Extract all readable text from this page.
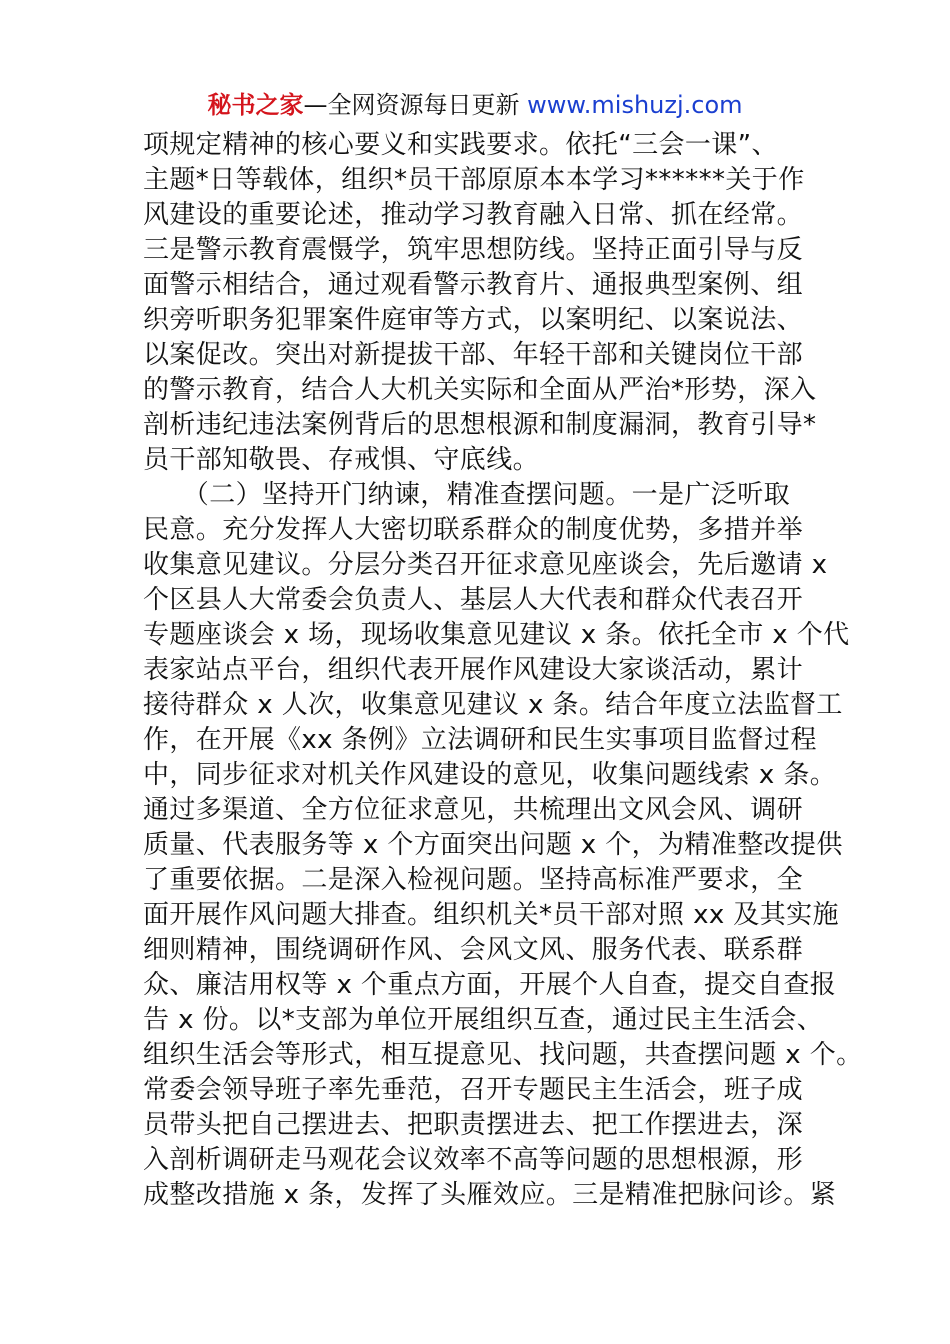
秘书之家—全网资源每日更新 www.mishuzj.com
项规定精神的核心要义和实践要求。依托“三会一课”、
主题*日等载体，组织*员干部原原本本学习******关于作
风建设的重要论述，推动学习教育融入日常、抓在经常。
三是警示教育震慑学，筑牢思想防线。坚持正面引导与反
面警示相结合，通过观看警示教育片、通报典型案例、组
织旁听职务犯罪案件庭审等方式，以案明纪、以案说法、
以案促改。突出对新提拔干部、年轻干部和关键岗位干部
的警示教育，结合人大机关实际和全面从严治*形势，深入
剖析违纪违法案例背后的思想根源和制度漏洞，教育引导*
员干部知敬畏、存戒惧、守底线。
　　（二）坚持开门纳谏，精准查摆问题。一是广泛听取
民意。充分发挥人大密切联系群众的制度优势，多措并举
收集意见建议。分层分类召开征求意见座谈会，先后邀请 x
个区县人大常委会负责人、基层人大代表和群众代表召开
专题座谈会 x 场，现场收集意见建议 x 条。依托全市 x 个代
表家站点平台，组织代表开展作风建设大家谈活动，累计
接待群众 x 人次，收集意见建议 x 条。结合年度立法监督工
作，在开展《xx 条例》立法调研和民生实事项目监督过程
中，同步征求对机关作风建设的意见，收集问题线索 x 条。
通过多渠道、全方位征求意见，共梳理出文风会风、调研
质量、代表服务等 x 个方面突出问题 x 个，为精准整改提供
了重要依据。二是深入检视问题。坚持高标准严要求，全
面开展作风问题大排查。组织机关*员干部对照 xx 及其实施
细则精神，围绕调研作风、会风文风、服务代表、联系群
众、廉洁用权等 x 个重点方面，开展个人自查，提交自查报
告 x 份。以*支部为单位开展组织互查，通过民主生活会、
组织生活会等形式，相互提意见、找问题，共查摆问题 x 个。
常委会领导班子率先垂范，召开专题民主生活会，班子成
员带头把自己摆进去、把职责摆进去、把工作摆进去，深
入剖析调研走马观花会议效率不高等问题的思想根源，形
成整改措施 x 条，发挥了头雁效应。三是精准把脉问诊。紧
